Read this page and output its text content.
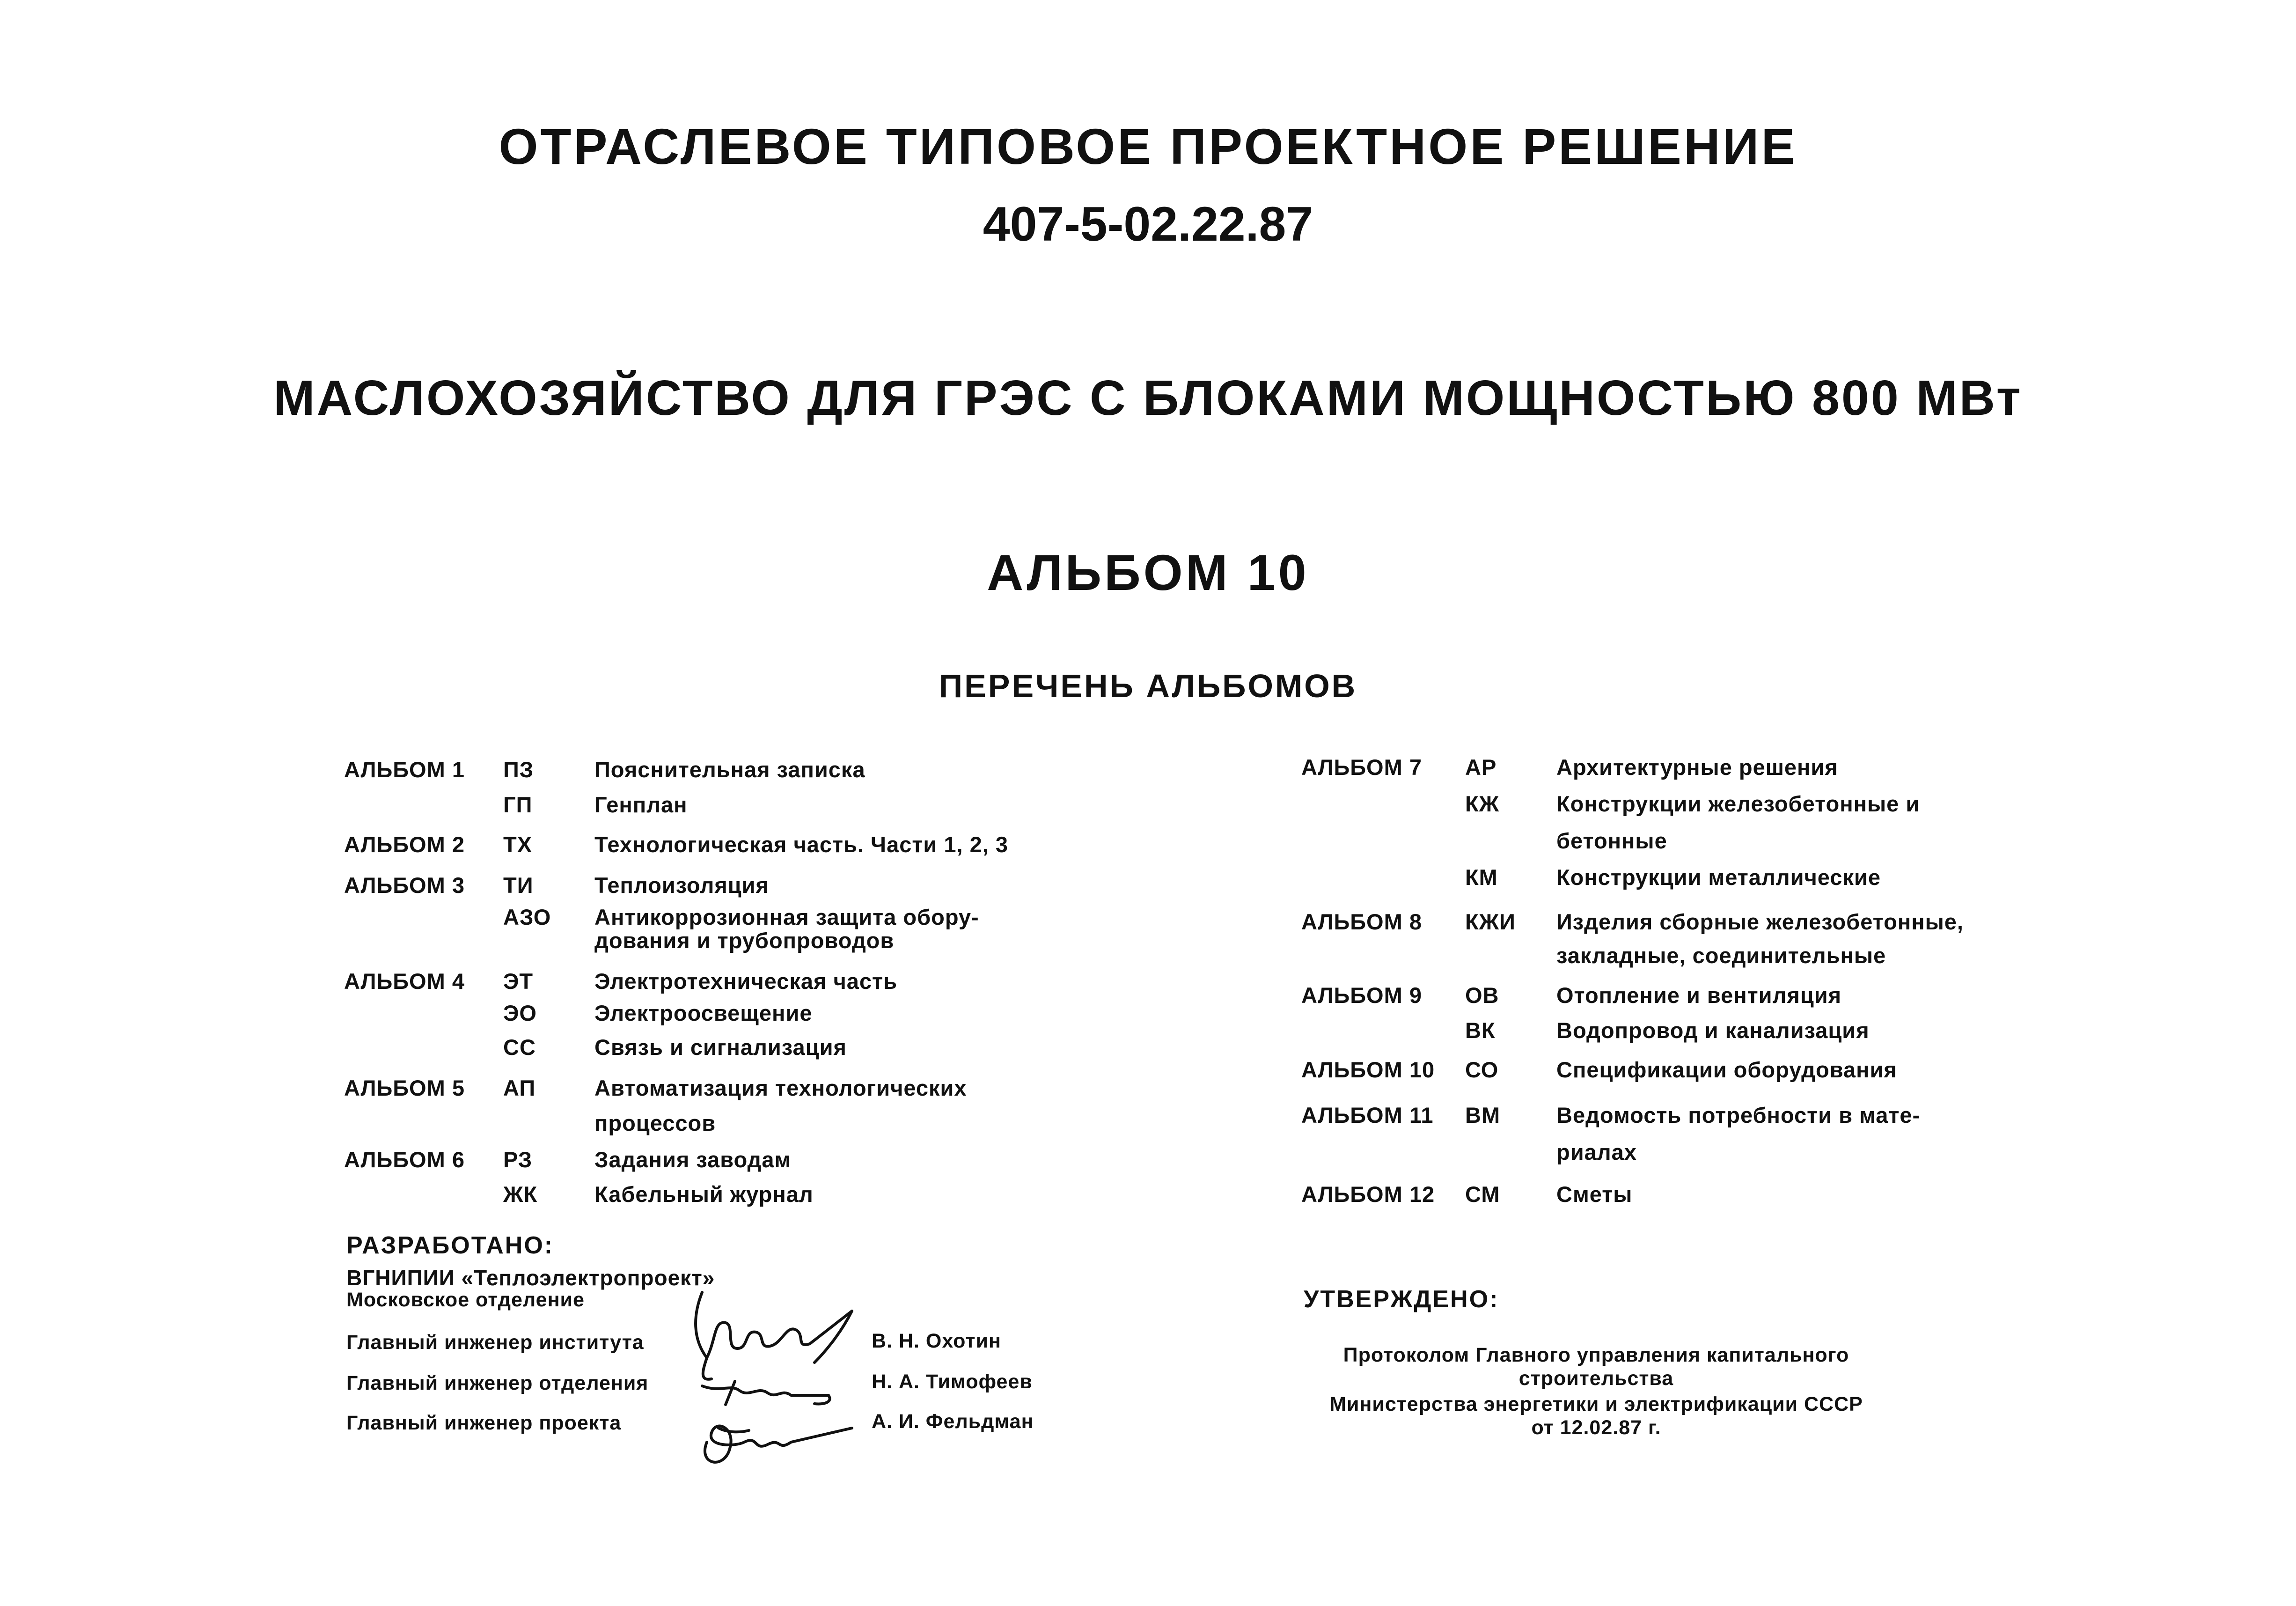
ОТРАСЛЕВОЕ ТИПОВОЕ ПРОЕКТНОЕ РЕШЕНИЕ
407-5-02.22.87
МАСЛОХОЗЯЙСТВО ДЛЯ ГРЭС С БЛОКАМИ МОЩНОСТЬЮ 800 МВт
АЛЬБОМ 10
ПЕРЕЧЕНЬ АЛЬБОМОВ
АЛЬБОМ 1 ПЗ	Пояснительная записка
ГП	Генплан
АЛЬБОМ 2 ТХ	Технологическая часть. Части 1, 2, 3
АЛЬБОМ 3 ТИ	Теплоизоляция
АЗО Антикоррозионная защита обору-
дования и трубопроводов
АЛЬБОМ 4 ЭТ	Электротехническая часть
ЭО	Электроосвещение
СС	Связь и сигнализация
АЛЬБОМ 5 АП	Автоматизация технологических
процессов
АЛЬБОМ 6 РЗ	Задания заводам
ЖК	Кабельный журнал
АЛЬБОМ 7 АР	Архитектурные решения
КЖ	Конструкции железобетонные и
бетонные
КМ	Конструкции металлические
АЛЬБОМ 8 КЖИ Изделия сборные железобетонные,
закладные, соединительные
АЛЬБОМ 9 ОВ	Отопление и вентиляция
ВК	Водопровод и канализация
АЛЬБОМ 10 СО	Спецификации оборудования
АЛЬБОМ 11 ВМ	Ведомость потребности в мате-
риалах
АЛЬБОМ 12 СМ	Сметы
РАЗРАБОТАНО:
ВГНИПИИ «Теплоэлектропроект»
Московское отделение
Главный инженер института	В. Н. Охотин
Главный инженер отделения	Н. А. Тимофеев
Главный инженер проекта	А. И. Фельдман
УТВЕРЖДЕНО:
Протоколом Главного управления капитального
строительства
Министерства энергетики и электрификации СССР
от 12.02.87 г.
